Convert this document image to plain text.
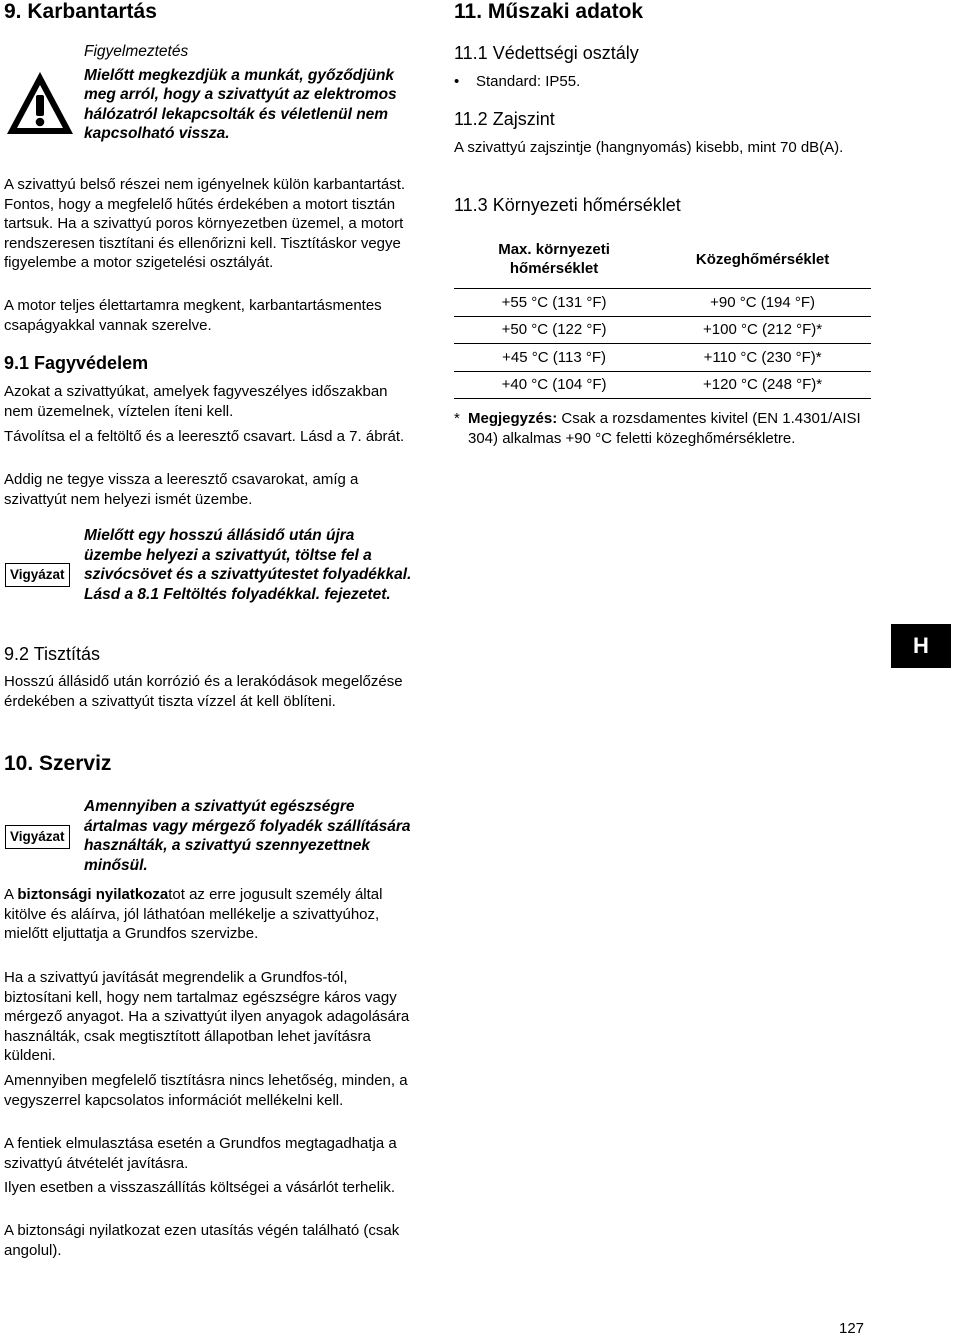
9. Karbantartás

Figyelmeztetés

Mielőtt megkezdjük a munkát, győződjünk meg arról, hogy a szivattyút az elektromos hálózatról lekapcsolták és véletlenül nem kapcsolható vissza.

A szivattyú belső részei nem igényelnek külön karbantartást. Fontos, hogy a megfelelő hűtés érdekében a motort tisztán tartsuk. Ha a szivattyú poros környezetben üzemel, a motort rendszeresen tisztítani és ellenőrizni kell. Tisztításkor vegye figyelembe a motor szigetelési osztályát.

A motor teljes élettartamra megkent, karbantartásmentes csapágyakkal vannak szerelve.

9.1 Fagyvédelem

Azokat a szivattyúkat, amelyek fagyveszélyes időszakban nem üzemelnek, víztelen íteni kell.

Távolítsa el a feltöltő és a leeresztő csavart. Lásd a 7. ábrát.

Addig ne tegye vissza a leeresztő csavarokat, amíg a szivattyút nem helyezi ismét üzembe.

Vigyázat

Mielőtt egy hosszú állásidő után újra üzembe helyezi a szivattyút, töltse fel a szivócsövet és a szivattyútestet folyadékkal. Lásd a 8.1 Feltöltés folyadékkal. fejezetet.

9.2 Tisztítás

Hosszú állásidő után korrózió és a lerakódások megelőzése érdekében a szivattyút tiszta vízzel át kell öblíteni.

10. Szerviz
Vigyázat

Amennyiben a szivattyút egészségre ártalmas vagy mérgező folyadék szállítására használták, a szivattyú szennyezettnek minősül.

A biztonsági nyilatkozatot az erre jogusult személy által kitölve és aláírva, jól láthatóan mellékelje a szivattyúhoz, mielőtt eljuttatja a Grundfos szervizbe.

Ha a szivattyú javítását megrendelik a Grundfos-tól, biztosítani kell, hogy nem tartalmaz egészségre káros vagy mérgező anyagot. Ha a szivattyút ilyen anyagok adagolására használták, csak megtisztított állapotban lehet javításra küldeni.

Amennyiben megfelelő tisztításra nincs lehetőség, minden, a vegyszerrel kapcsolatos információt mellékelni kell.

A fentiek elmulasztása esetén a Grundfos megtagadhatja a szivattyú átvételét javításra.

Ilyen esetben a visszaszállítás költségei a vásárlót terhelik.

A biztonsági nyilatkozat ezen utasítás végén található (csak angolul).

11. Műszaki adatok
11.1 Védettségi osztály
• Standard: IP55.
11.2 Zajszint

A szivattyú zajszintje (hangnyomás) kisebb, mint 70 dB(A).

11.3 Környezeti hőmérséklet
Max. környezeti hőmérséklet	Közeghőmérséklet
+55 °C (131 °F)	+90 °C (194 °F)
+50 °C (122 °F)	+100 °C (212 °F)*
+45 °C (113 °F)	+110 °C (230 °F)*
+40 °C (104 °F)	+120 °C (248 °F)*
* Megjegyzés: Csak a rozsdamentes kivitel (EN 1.4301/AISI 304) alkalmas +90 °C feletti közeghőmérsékletre.

H
127
